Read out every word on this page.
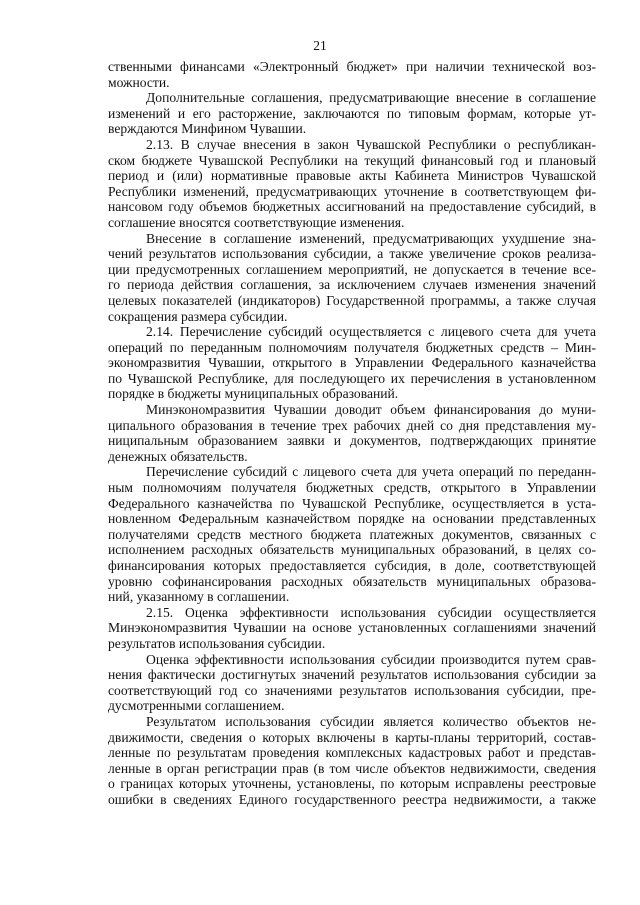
21
ственными финансами «Электронный бюджет» при наличии технической воз-
можности.
Дополнительные соглашения, предусматривающие внесение в соглашение
изменений и его расторжение, заключаются по типовым формам, которые ут-
верждаются Минфином Чувашии.
2.13. В случае внесения в закон Чувашской Республики о республикан-
ском бюджете Чувашской Республики на текущий финансовый год и плановый
период и (или) нормативные правовые акты Кабинета Министров Чувашской
Республики изменений, предусматривающих уточнение в соответствующем фи-
нансовом году объемов бюджетных ассигнований на предоставление субсидий, в
соглашение вносятся соответствующие изменения.
Внесение в соглашение изменений, предусматривающих ухудшение зна-
чений результатов использования субсидии, а также увеличение сроков реализа-
ции предусмотренных соглашением мероприятий, не допускается в течение все-
го периода действия соглашения, за исключением случаев изменения значений
целевых показателей (индикаторов) Государственной программы, а также случая
сокращения размера субсидии.
2.14. Перечисление субсидий осуществляется с лицевого счета для учета
операций по переданным полномочиям получателя бюджетных средств – Мин-
экономразвития Чувашии, открытого в Управлении Федерального казначейства
по Чувашской Республике, для последующего их перечисления в установленном
порядке в бюджеты муниципальных образований.
Минэкономразвития Чувашии доводит объем финансирования до муни-
ципального образования в течение трех рабочих дней со дня представления му-
ниципальным образованием заявки и документов, подтверждающих принятие
денежных обязательств.
Перечисление субсидий с лицевого счета для учета операций по переданн-
ным полномочиям получателя бюджетных средств, открытого в Управлении
Федерального казначейства по Чувашской Республике, осуществляется в уста-
новленном Федеральным казначейством порядке на основании представленных
получателями средств местного бюджета платежных документов, связанных с
исполнением расходных обязательств муниципальных образований, в целях со-
финансирования которых предоставляется субсидия, в доле, соответствующей
уровню софинансирования расходных обязательств муниципальных образова-
ний, указанному в соглашении.
2.15. Оценка эффективности использования субсидии осуществляется
Минэкономразвития Чувашии на основе установленных соглашениями значений
результатов использования субсидии.
Оценка эффективности использования субсидии производится путем срав-
нения фактически достигнутых значений результатов использования субсидии за
соответствующий год со значениями результатов использования субсидии, пре-
дусмотренными соглашением.
Результатом использования субсидии является количество объектов не-
движимости, сведения о которых включены в карты-планы территорий, состав-
ленные по результатам проведения комплексных кадастровых работ и представ-
ленные в орган регистрации прав (в том числе объектов недвижимости, сведения
о границах которых уточнены, установлены, по которым исправлены реестровые
ошибки в сведениях Единого государственного реестра недвижимости, а также
